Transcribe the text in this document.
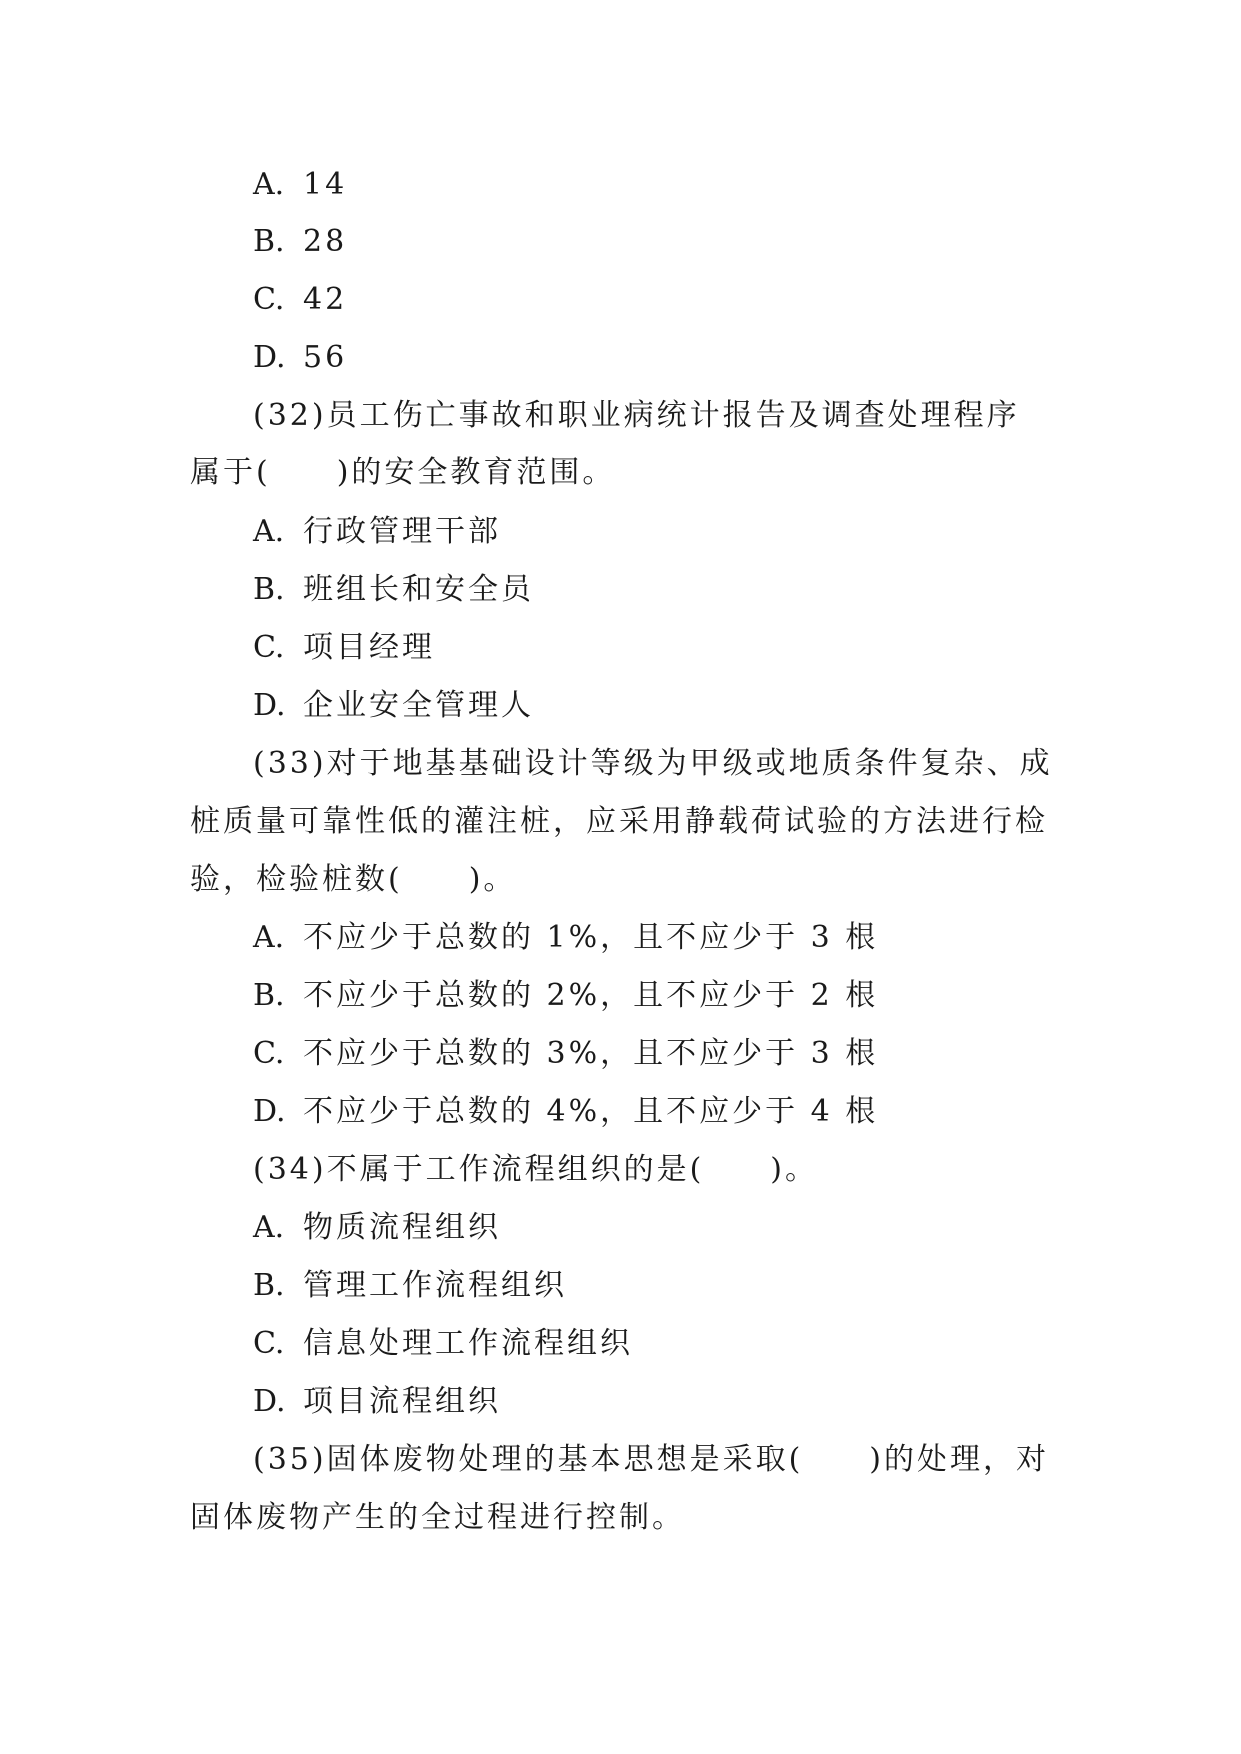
A. 14
B. 28
C. 42
D. 56
(32)员工伤亡事故和职业病统计报告及调查处理程序
属于(　　)的安全教育范围。
A. 行政管理干部
B. 班组长和安全员
C. 项目经理
D. 企业安全管理人
(33)对于地基基础设计等级为甲级或地质条件复杂、成
桩质量可靠性低的灌注桩，应采用静载荷试验的方法进行检
验，检验桩数(　　)。
A. 不应少于总数的 1%，且不应少于 3 根
B. 不应少于总数的 2%，且不应少于 2 根
C. 不应少于总数的 3%，且不应少于 3 根
D. 不应少于总数的 4%，且不应少于 4 根
(34)不属于工作流程组织的是(　　)。
A. 物质流程组织
B. 管理工作流程组织
C. 信息处理工作流程组织
D. 项目流程组织
(35)固体废物处理的基本思想是采取(　　)的处理，对
固体废物产生的全过程进行控制。
